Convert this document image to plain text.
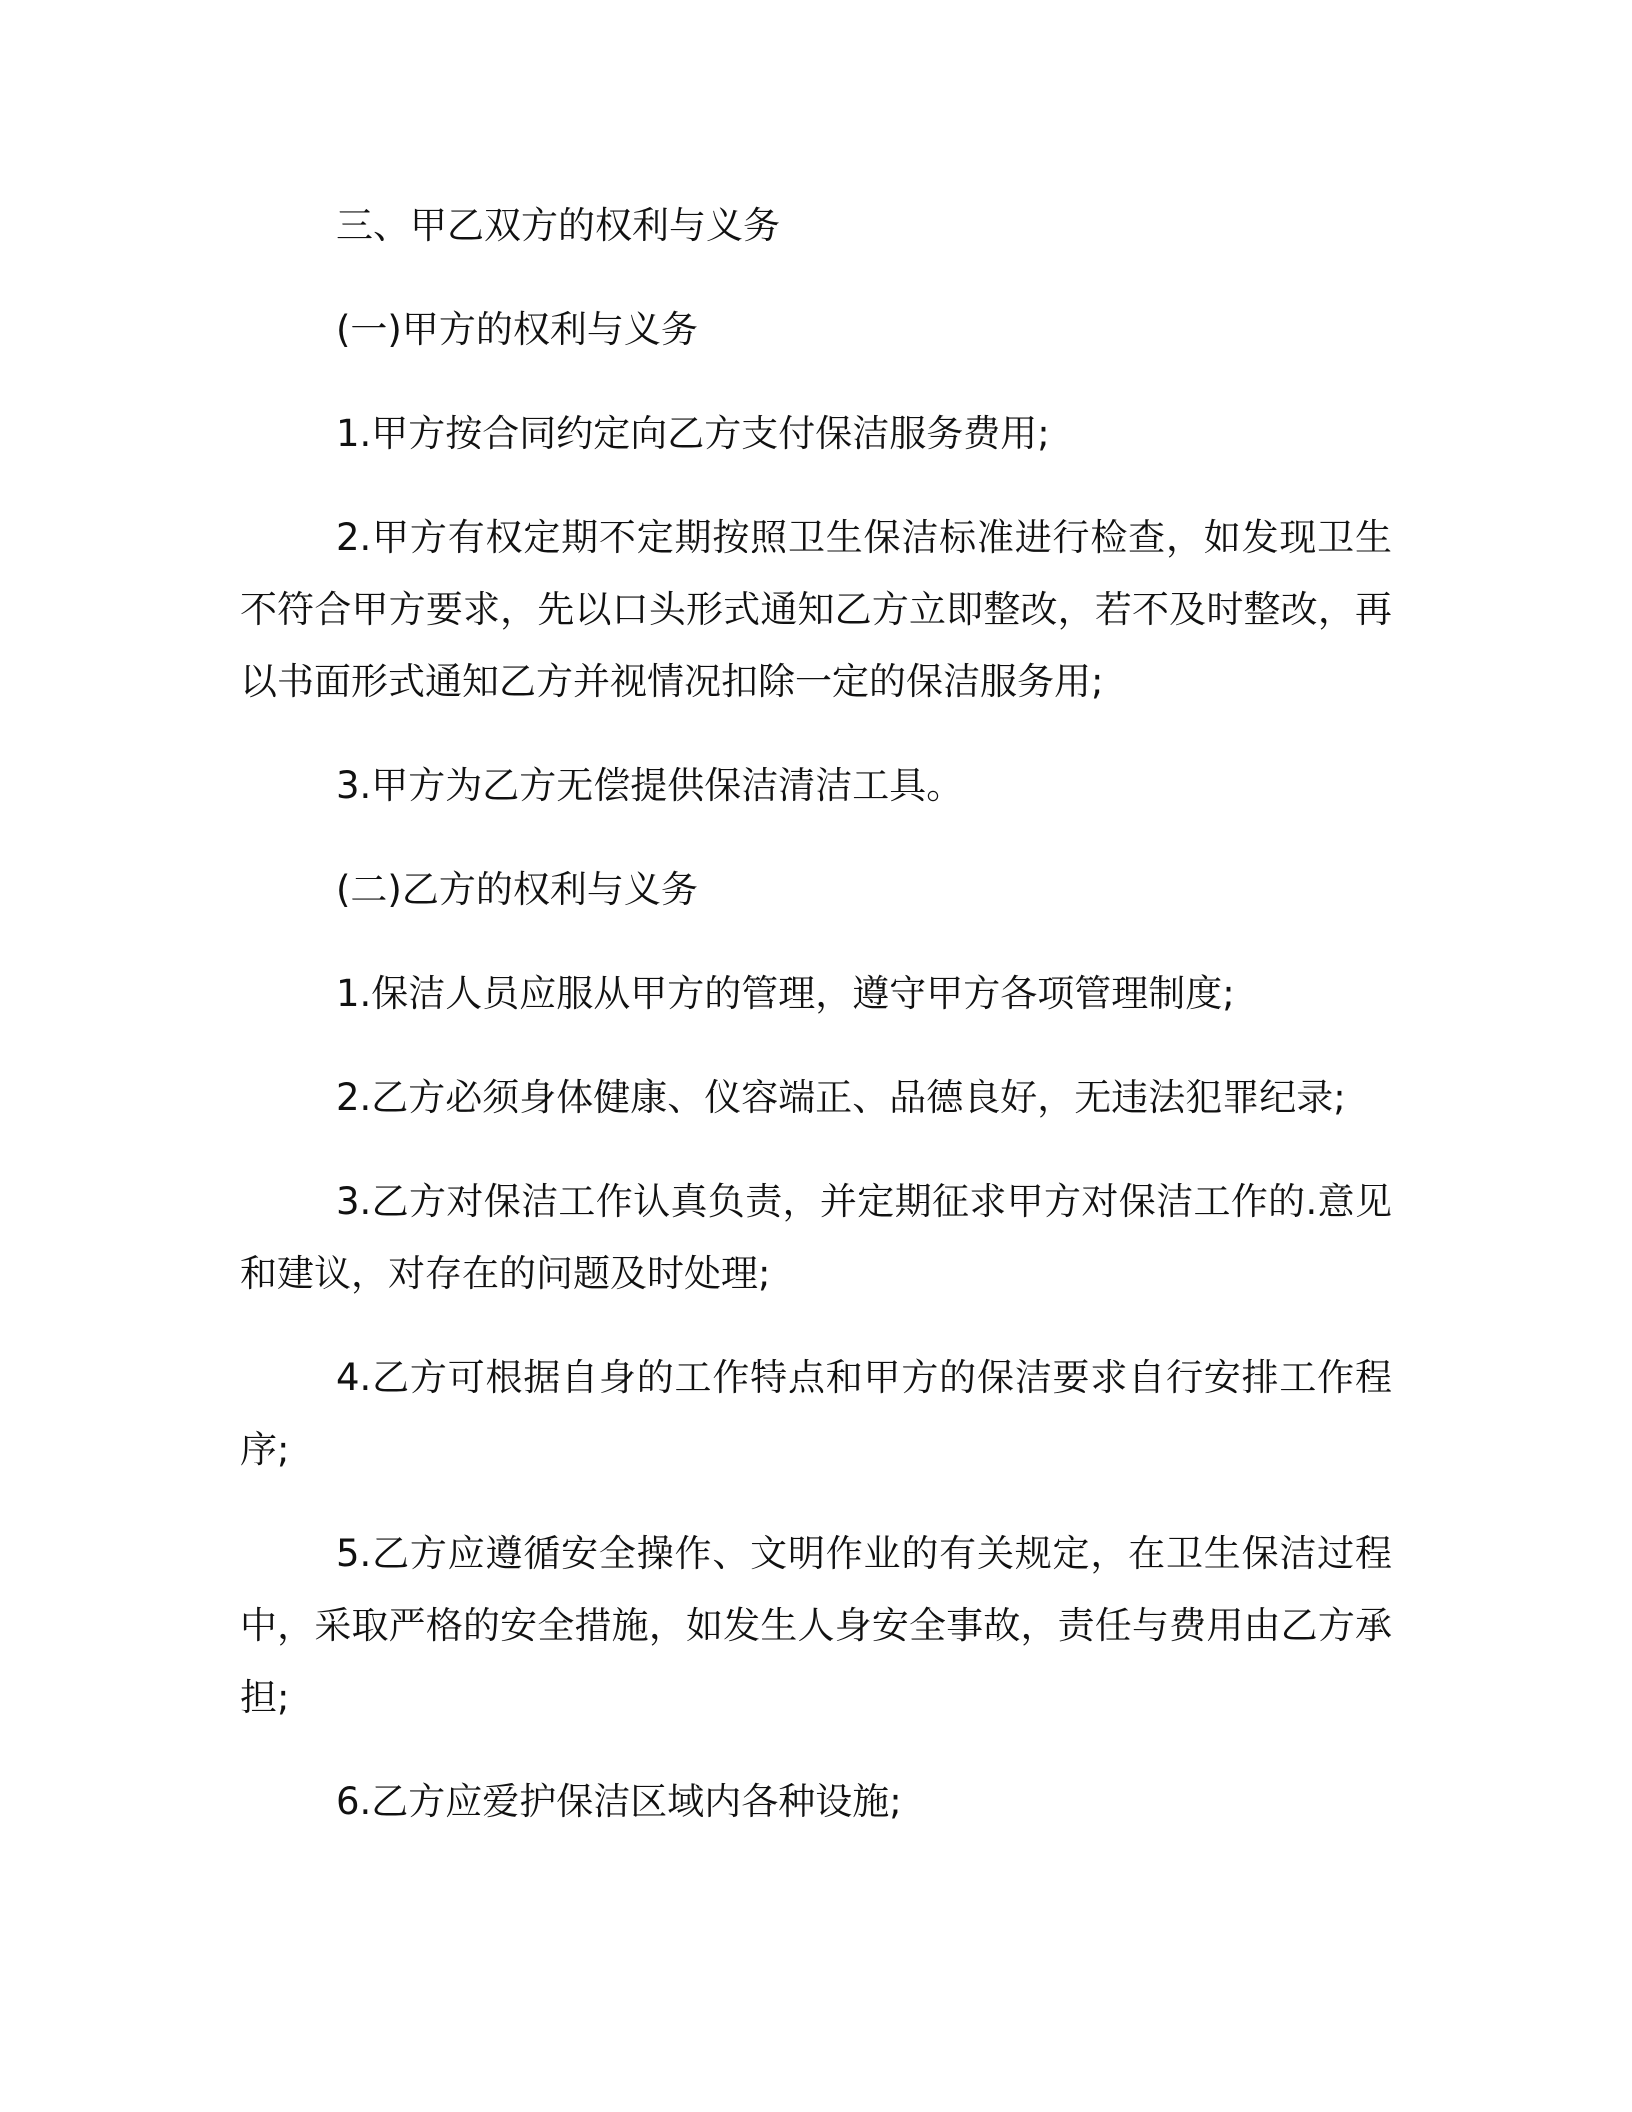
三、甲乙双方的权利与义务

(一)甲方的权利与义务

1.甲方按合同约定向乙方支付保洁服务费用;

2.甲方有权定期不定期按照卫生保洁标准进行检查，如发现卫生不符合甲方要求，先以口头形式通知乙方立即整改，若不及时整改，再以书面形式通知乙方并视情况扣除一定的保洁服务用;

3.甲方为乙方无偿提供保洁清洁工具。

(二)乙方的权利与义务

1.保洁人员应服从甲方的管理，遵守甲方各项管理制度;

2.乙方必须身体健康、仪容端正、品德良好，无违法犯罪纪录;

3.乙方对保洁工作认真负责，并定期征求甲方对保洁工作的.意见和建议，对存在的问题及时处理;

4.乙方可根据自身的工作特点和甲方的保洁要求自行安排工作程序;

5.乙方应遵循安全操作、文明作业的有关规定，在卫生保洁过程中，采取严格的安全措施，如发生人身安全事故，责任与费用由乙方承担;

6.乙方应爱护保洁区域内各种设施;
